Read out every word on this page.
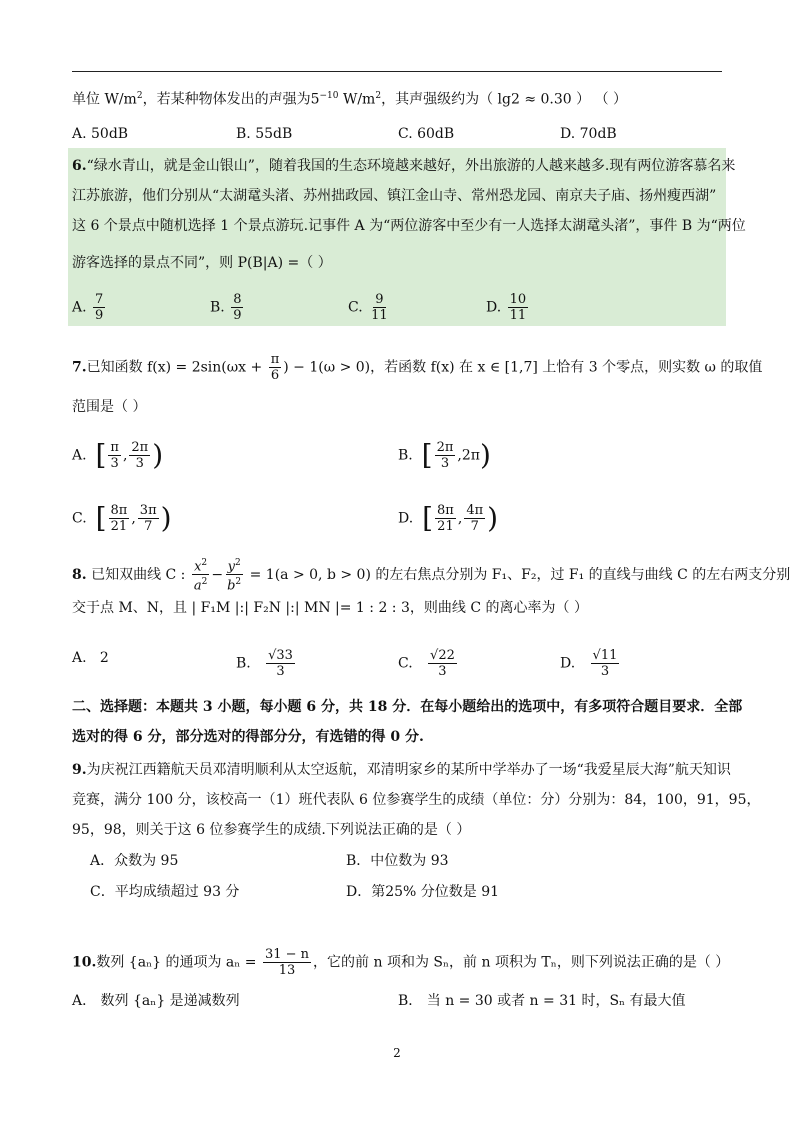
单位 $W/m^2$，若某种物体发出的声强为$5^{-10}$ $W/m^2$，其声强级约为（ lg2 ≈ 0.30 ） （ ）
A. 50dB	B. 55dB	C. 60dB	D. 70dB
6.“绿水青山，就是金山银山”，随着我国的生态环境越来越好，外出旅游的人越来越多.现有两位游客慕名来
江苏旅游，他们分别从“太湖鼋头渚、苏州拙政园、镇江金山寺、常州恐龙园、南京夫子庙、扬州瘦西湖”
这 6 个景点中随机选择 1 个景点游玩.记事件 A 为“两位游客中至少有一人选择太湖鼋头渚”，事件 B 为“两位
游客选择的景点不同”，则 P(B|A) =（ ）
A. $\frac{7}{9}$	B. $\frac{8}{9}$	C. $\frac{9}{11}$	D. $\frac{10}{11}$
7.已知函数 $f(x) = 2\sin(\omega x + \frac{\pi}{6}$ ) − 1(ω > 0)，若函数 f(x) 在 x ∈ [1,7] 上恰有 3 个零点，则实数 ω 的取值
范围是（ ）
A. [ $\frac{\pi}{3}$ , $\frac{2\pi}{3}$ )	B. [ $\frac{2\pi}{3} ,2\pi$)
C. [ $\frac{8\pi}{21}$ , $\frac{3\pi}{7}$ )	D. [ $\frac{8\pi}{21}$ , $\frac{4\pi}{7}$ )
8. 已知双曲线 C : $\frac{x^2}{a^2} - \frac{y^2}{b^2} = 1(a > 0$, b > 0) 的左右焦点分别为 F₁、F₂，过 F₁ 的直线与曲线 C 的左右两支分别
交于点 M、N，且 | F₁M |:| F₂N |:| MN |= 1 : 2 : 3，则曲线 C 的离心率为（ ）
A. 2	B. $\frac{√33}{3}$	C. $\frac{√22}{3}$	D. $\frac{√11}{3}$
二、选择题：本题共 3 小题，每小题 6 分，共 18 分．在每小题给出的选项中，有多项符合题目要求．全部
选对的得 6 分，部分选对的得部分分，有选错的得 0 分.
9.为庆祝江西籍航天员邓清明顺利从太空返航，邓清明家乡的某所中学举办了一场“我爱星辰大海”航天知识
竞赛，满分 100 分，该校高一（1）班代表队 6 位参赛学生的成绩（单位：分）分别为：84，100，91，95，
95，98，则关于这 6 位参赛学生的成绩.下列说法正确的是（ ）
A．众数为 95	B．中位数为 93
C．平均成绩超过 93 分	D．第25% 分位数是 91
10.数列 {aₙ} 的通项为 $a_n = \frac{31 - n}{13}$ ，它的前 n 项和为 Sₙ，前 n 项积为 Tₙ，则下列说法正确的是（ ）
A． 数列 {aₙ} 是递减数列	B． 当 n = 30 或者 n = 31 时，Sₙ 有最大值
2
